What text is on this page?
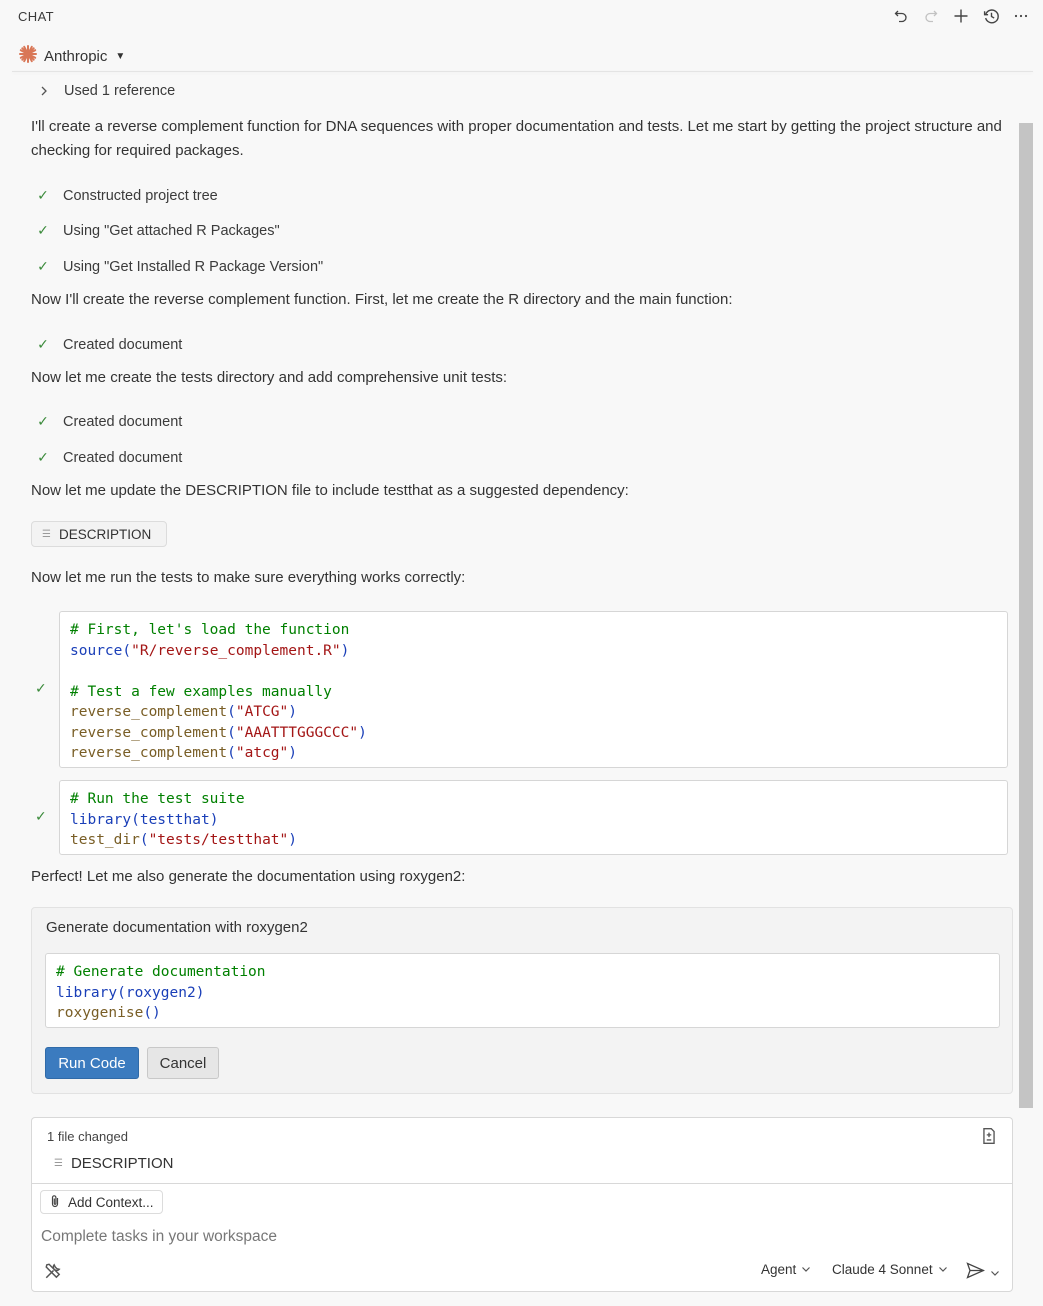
CHAT
Anthropic ▼
Used 1 reference
I'll create a reverse complement function for DNA sequences with proper documentation and tests. Let me start by getting the project structure and checking for required packages.
✓ Constructed project tree
✓ Using "Get attached R Packages"
✓ Using "Get Installed R Package Version"
Now I'll create the reverse complement function. First, let me create the R directory and the main function:
✓ Created document
Now let me create the tests directory and add comprehensive unit tests:
✓ Created document
✓ Created document
Now let me update the DESCRIPTION file to include testthat as a suggested dependency:
☰ DESCRIPTION
Now let me run the tests to make sure everything works correctly:
✓
# First, let's load the function
source("R/reverse_complement.R")

# Test a few examples manually
reverse_complement("ATCG")
reverse_complement("AAATTTGGGCCC")
reverse_complement("atcg")
✓
# Run the test suite
library(testthat)
test_dir("tests/testthat")
Perfect! Let me also generate the documentation using roxygen2:
Generate documentation with roxygen2
# Generate documentation
library(roxygen2)
roxygenise()
Run Code	Cancel
1 file changed
☰ DESCRIPTION
Add Context...
Complete tasks in your workspace
Agent	Claude 4 Sonnet
